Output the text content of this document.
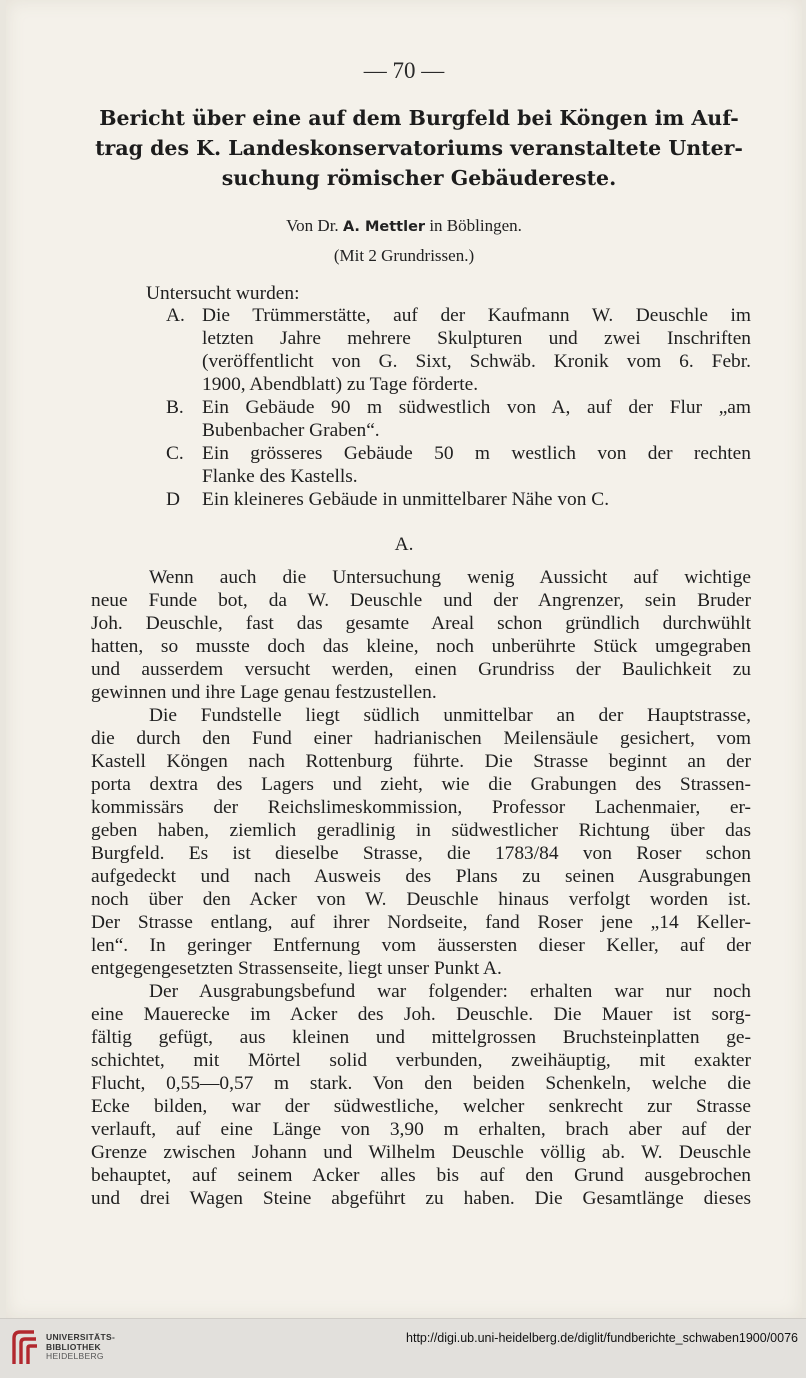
— 70 —
Bericht über eine auf dem Burgfeld bei Köngen im Auf-
trag des K. Landeskonservatoriums veranstaltete Unter-
suchung römischer Gebäudereste.
Von Dr. A. Mettler in Böblingen.
(Mit 2 Grundrissen.)
Untersucht wurden:
A. Die Trümmerstätte, auf der Kaufmann W. Deuschle im
letzten Jahre mehrere Skulpturen und zwei Inschriften
(veröffentlicht von G. Sixt, Schwäb. Kronik vom 6. Febr.
1900, Abendblatt) zu Tage förderte.
B. Ein Gebäude 90 m südwestlich von A, auf der Flur „am
Bubenbacher Graben“.
C. Ein grösseres Gebäude 50 m westlich von der rechten
Flanke des Kastells.
D Ein kleineres Gebäude in unmittelbarer Nähe von C.
A.
Wenn auch die Untersuchung wenig Aussicht auf wichtige
neue Funde bot, da W. Deuschle und der Angrenzer, sein Bruder
Joh. Deuschle, fast das gesamte Areal schon gründlich durchwühlt
hatten, so musste doch das kleine, noch unberührte Stück umgegraben
und ausserdem versucht werden, einen Grundriss der Baulichkeit zu
gewinnen und ihre Lage genau festzustellen.
Die Fundstelle liegt südlich unmittelbar an der Hauptstrasse,
die durch den Fund einer hadrianischen Meilensäule gesichert, vom
Kastell Köngen nach Rottenburg führte. Die Strasse beginnt an der
porta dextra des Lagers und zieht, wie die Grabungen des Strassen-
kommissärs der Reichslimeskommission, Professor Lachenmaier, er-
geben haben, ziemlich geradlinig in südwestlicher Richtung über das
Burgfeld. Es ist dieselbe Strasse, die 1783/84 von Roser schon
aufgedeckt und nach Ausweis des Plans zu seinen Ausgrabungen
noch über den Acker von W. Deuschle hinaus verfolgt worden ist.
Der Strasse entlang, auf ihrer Nordseite, fand Roser jene „14 Keller-
len“. In geringer Entfernung vom äussersten dieser Keller, auf der
entgegengesetzten Strassenseite, liegt unser Punkt A.
Der Ausgrabungsbefund war folgender: erhalten war nur noch
eine Mauerecke im Acker des Joh. Deuschle. Die Mauer ist sorg-
fältig gefügt, aus kleinen und mittelgrossen Bruchsteinplatten ge-
schichtet, mit Mörtel solid verbunden, zweihäuptig, mit exakter
Flucht, 0,55—0,57 m stark. Von den beiden Schenkeln, welche die
Ecke bilden, war der südwestliche, welcher senkrecht zur Strasse
verlauft, auf eine Länge von 3,90 m erhalten, brach aber auf der
Grenze zwischen Johann und Wilhelm Deuschle völlig ab. W. Deuschle
behauptet, auf seinem Acker alles bis auf den Grund ausgebrochen
und drei Wagen Steine abgeführt zu haben. Die Gesamtlänge dieses
UNIVERSITÄTS-
BIBLIOTHEK
HEIDELBERG
http://digi.ub.uni-heidelberg.de/diglit/fundberichte_schwaben1900/0076
